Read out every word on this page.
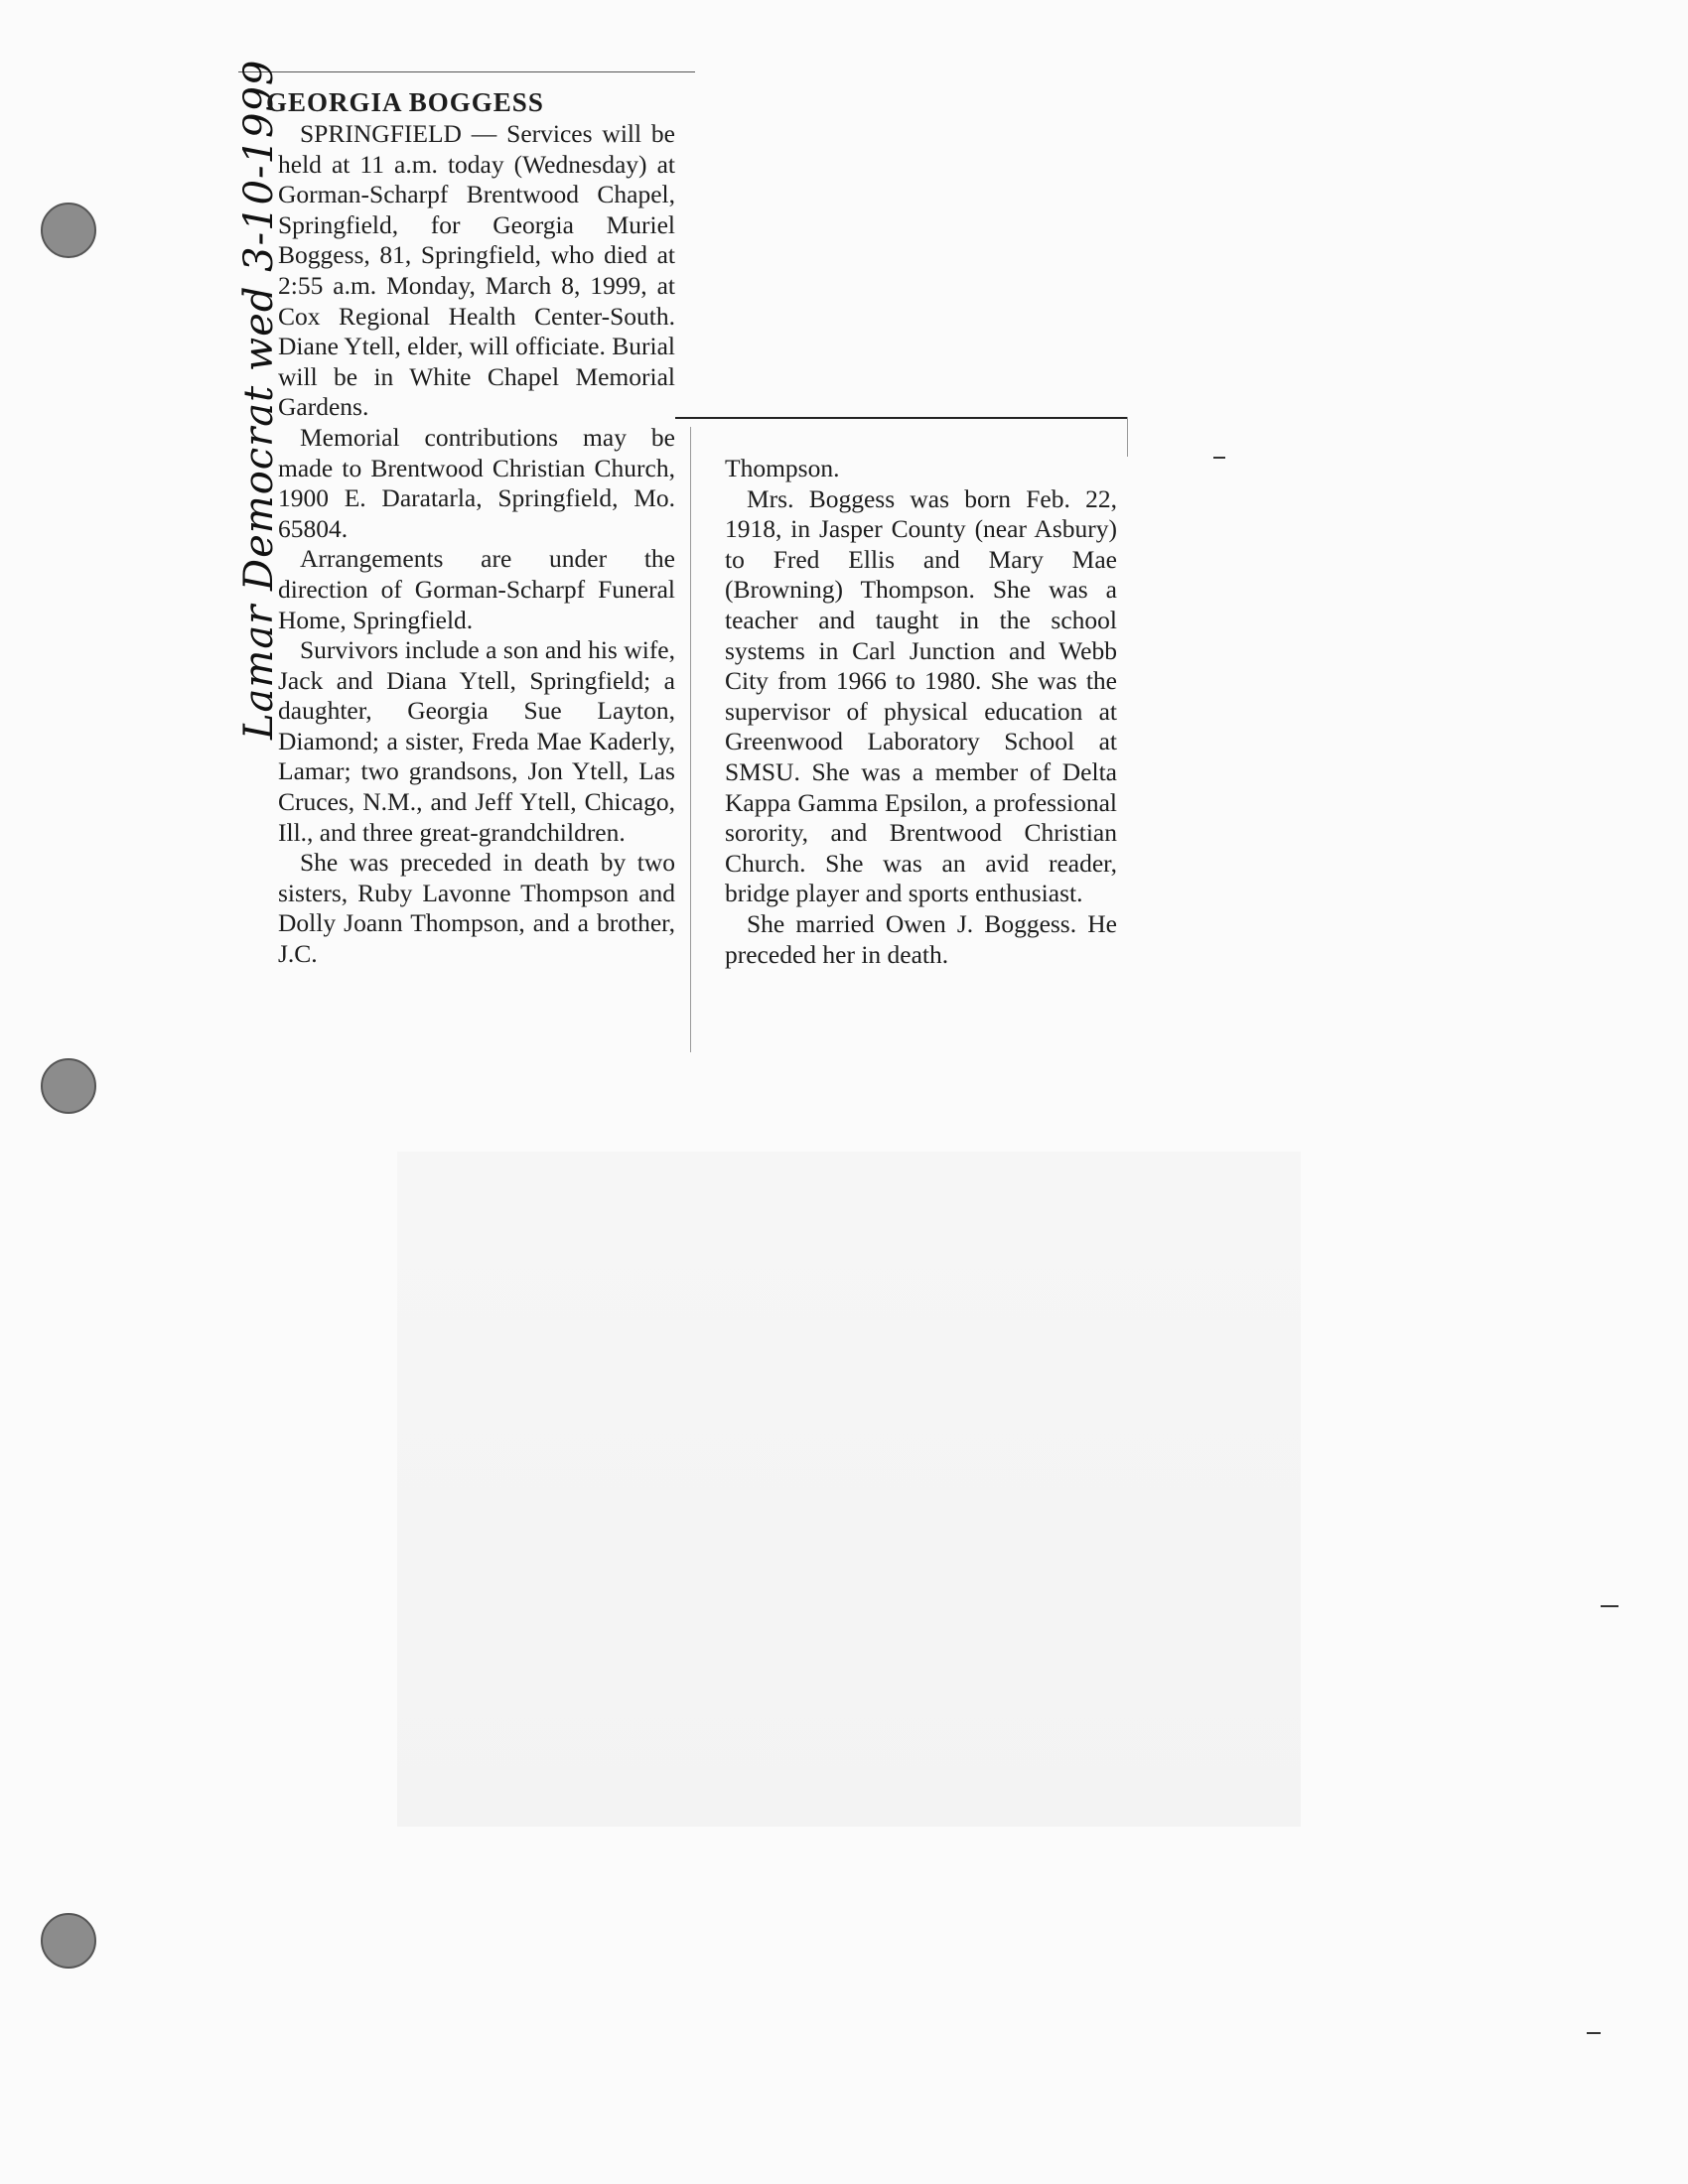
Lamar Democrat wed 3-10-1999
GEORGIA BOGGESS

SPRINGFIELD — Services will be held at 11 a.m. today (Wednesday) at Gorman-Scharpf Brentwood Chapel, Springfield, for Georgia Muriel Boggess, 81, Springfield, who died at 2:55 a.m. Monday, March 8, 1999, at Cox Regional Health Center-South. Diane Ytell, elder, will officiate. Burial will be in White Chapel Memorial Gardens.

Memorial contributions may be made to Brentwood Christian Church, 1900 E. Daratarla, Springfield, Mo. 65804.

Arrangements are under the direction of Gorman-Scharpf Funeral Home, Springfield.

Survivors include a son and his wife, Jack and Diana Ytell, Springfield; a daughter, Georgia Sue Layton, Diamond; a sister, Freda Mae Kaderly, Lamar; two grandsons, Jon Ytell, Las Cruces, N.M., and Jeff Ytell, Chicago, Ill., and three great-grandchildren.

She was preceded in death by two sisters, Ruby Lavonne Thompson and Dolly Joann Thompson, and a brother, J.C.

Thompson.

Mrs. Boggess was born Feb. 22, 1918, in Jasper County (near Asbury) to Fred Ellis and Mary Mae (Browning) Thompson. She was a teacher and taught in the school systems in Carl Junction and Webb City from 1966 to 1980. She was the supervisor of physical education at Greenwood Laboratory School at SMSU. She was a member of Delta Kappa Gamma Epsilon, a professional sorority, and Brentwood Christian Church. She was an avid reader, bridge player and sports enthusiast.

She married Owen J. Boggess. He preceded her in death.
